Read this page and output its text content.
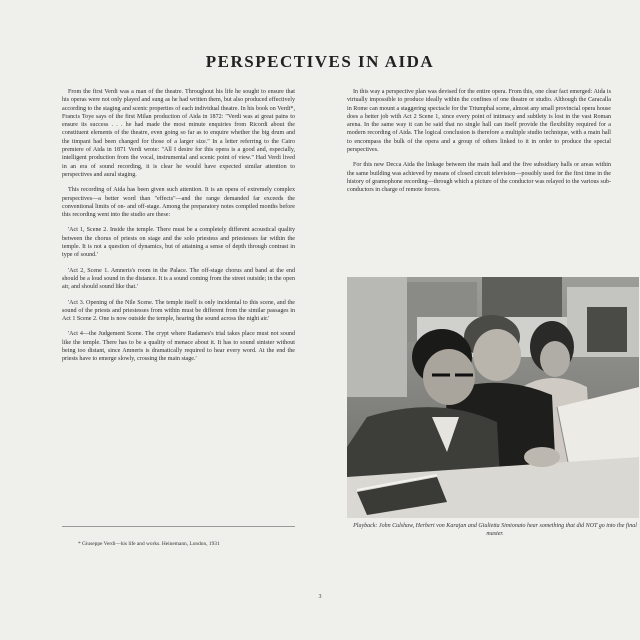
PERSPECTIVES IN AIDA

From the first Verdi was a man of the theatre. Throughout his life he sought to ensure that his operas were not only played and sung as he had written them, but also produced effectively according to the staging and scenic properties of each individual theatre. In his book on Verdi*, Francis Toye says of the first Milan production of Aida in 1872: "Verdi was at great pains to ensure its success . . . he had made the most minute enquiries from Ricordi about the constituent elements of the theatre, even going so far as to enquire whether the big drum and the timpani had been changed for those of a larger size." In a letter referring to the Cairo premiere of Aida in 1871 Verdi wrote: "All I desire for this opera is a good and, especially, intelligent production from the vocal, instrumental and scenic point of view." Had Verdi lived in an era of sound recording, it is clear he would have expected similar attention to perspectives and aural staging.

This recording of Aida has been given such attention. It is an opera of extremely complex perspectives—a better word than "effects"—and the range demanded far exceeds the conventional limits of on- and off-stage. Among the preparatory notes compiled months before this recording went into the studio are these:

'Act 1, Scene 2. Inside the temple. There must be a completely different acoustical quality between the chorus of priests on stage and the solo priestess and priestesses far within the temple. It is not a question of dynamics, but of attaining a sense of depth through contrast in type of sound.'

'Act 2, Scene 1. Amneris's room in the Palace. The off-stage chorus and band at the end should be a loud sound in the distance. It is a sound coming from the street outside; in the open air, and should sound like that.'

'Act 3. Opening of the Nile Scene. The temple itself is only incidental to this scene, and the sound of the priests and priestesses from within must be different from the similar passages in Act 1 Scene 2. One is now outside the temple, hearing the sound across the night air.'

'Act 4—the Judgement Scene. The crypt where Radames's trial takes place must not sound like the temple. There has to be a quality of menace about it. It has to sound sinister without being too distant, since Amneris is dramatically required to hear every word. At the end the priests have to emerge slowly, crossing the main stage.'

* Giuseppe Verdi—his life and works. Heinemann, London, 1931

In this way a perspective plan was devised for the entire opera. From this, one clear fact emerged: Aida is virtually impossible to produce ideally within the confines of one theatre or studio. Although the Caracalla in Rome can mount a staggering spectacle for the Triumphal scene, almost any small provincial opera house does a better job with Act 2 Scene 1, since every point of intimacy and subtlety is lost in the vast Roman arena. In the same way it can be said that no single hall can itself provide the flexibility required for a modern recording of Aida. The logical conclusion is therefore a multiple studio technique, with a main hall to encompass the bulk of the opera and a group of others linked to it in order to produce the special perspectives.

For this new Decca Aida the linkage between the main hall and the five subsidiary halls or areas within the same building was achieved by means of closed circuit television—possibly used for the first time in the history of gramophone recording—through which a picture of the conductor was relayed to the various sub-conductors in charge of remote forces.

Playback: John Culshaw, Herbert von Karajan and Giulietta Simionato hear something that did NOT go into the final master.
3
